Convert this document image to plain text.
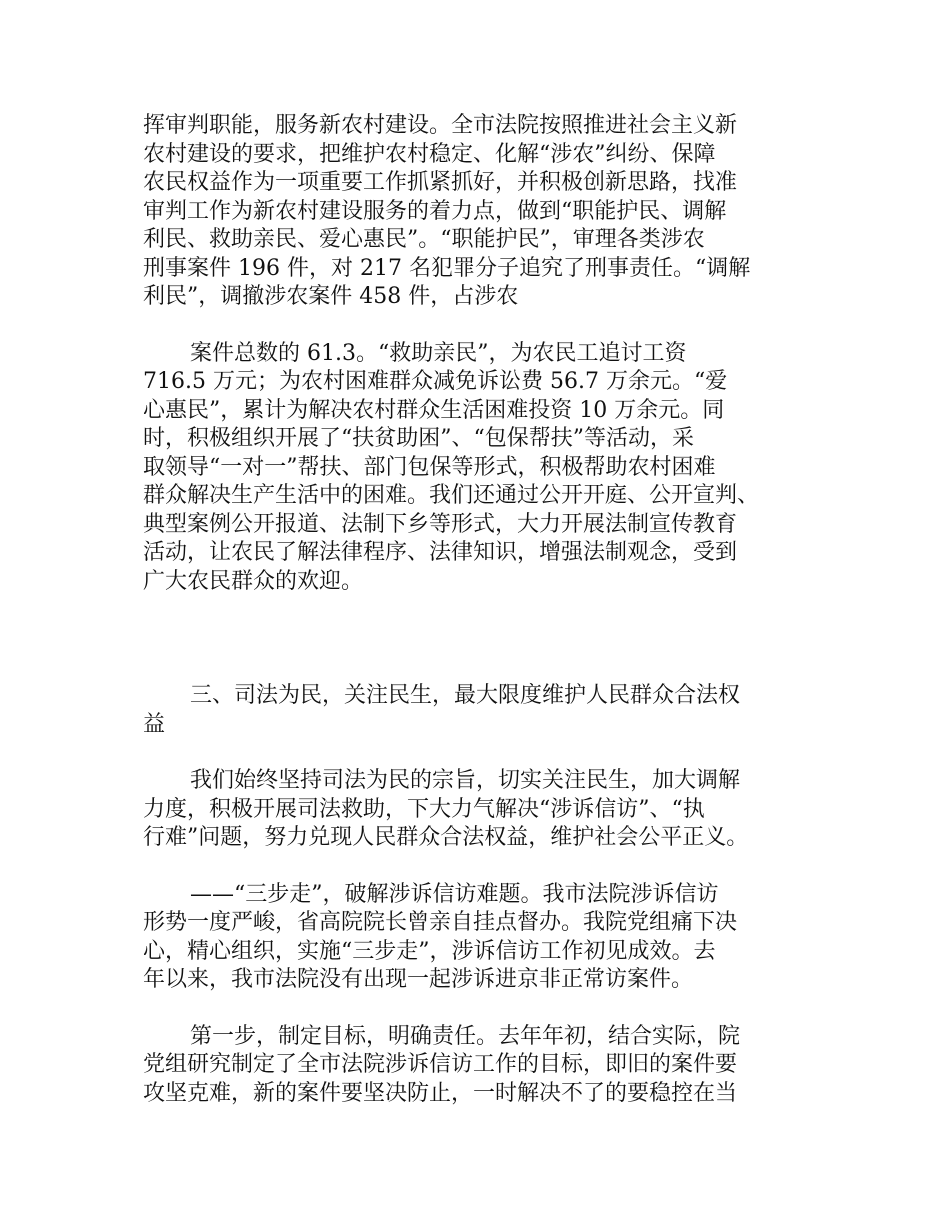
挥审判职能，服务新农村建设。全市法院按照推进社会主义新
农村建设的要求，把维护农村稳定、化解“涉农”纠纷、保障
农民权益作为一项重要工作抓紧抓好，并积极创新思路，找准
审判工作为新农村建设服务的着力点，做到“职能护民、调解
利民、救助亲民、爱心惠民”。“职能护民”，审理各类涉农
刑事案件 196 件，对 217 名犯罪分子追究了刑事责任。“调解
利民”，调撤涉农案件 458 件，占涉农

案件总数的 61.3。“救助亲民”，为农民工追讨工资
716.5 万元；为农村困难群众减免诉讼费 56.7 万余元。“爱
心惠民”，累计为解决农村群众生活困难投资 10 万余元。同
时，积极组织开展了“扶贫助困”、“包保帮扶”等活动，采
取领导“一对一”帮扶、部门包保等形式，积极帮助农村困难
群众解决生产生活中的困难。我们还通过公开开庭、公开宣判、
典型案例公开报道、法制下乡等形式，大力开展法制宣传教育
活动，让农民了解法律程序、法律知识，增强法制观念，受到
广大农民群众的欢迎。

三、司法为民，关注民生，最大限度维护人民群众合法权
益

我们始终坚持司法为民的宗旨，切实关注民生，加大调解
力度，积极开展司法救助，下大力气解决“涉诉信访”、“执
行难”问题，努力兑现人民群众合法权益，维护社会公平正义。

——“三步走”，破解涉诉信访难题。我市法院涉诉信访
形势一度严峻，省高院院长曾亲自挂点督办。我院党组痛下决
心，精心组织，实施“三步走”，涉诉信访工作初见成效。去
年以来，我市法院没有出现一起涉诉进京非正常访案件。

第一步，制定目标，明确责任。去年年初，结合实际，院
党组研究制定了全市法院涉诉信访工作的目标，即旧的案件要
攻坚克难，新的案件要坚决防止，一时解决不了的要稳控在当
